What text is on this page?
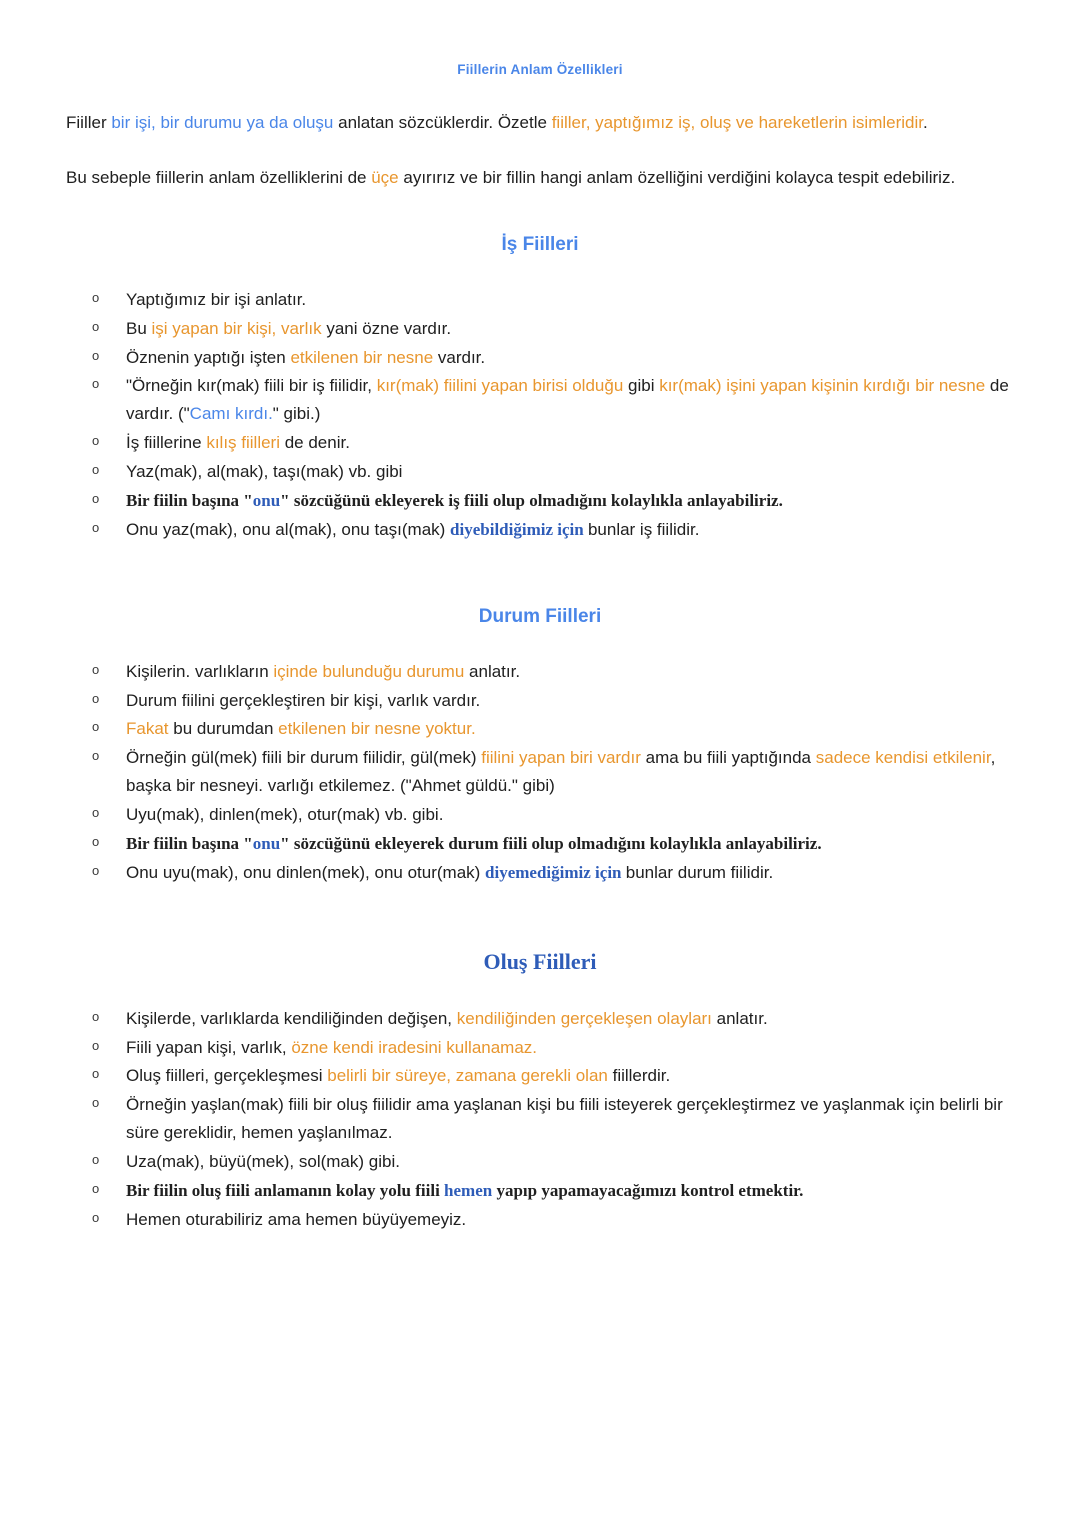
Fiillerin Anlam Özellikleri

Fiiller bir işi, bir durumu ya da oluşu anlatan sözcüklerdir. Özetle fiiller, yaptığımız iş, oluş ve hareketlerin isimleridir.

Bu sebeple fiillerin anlam özelliklerini de üçe ayırırız ve bir fillin hangi anlam özelliğini verdiğini kolayca tespit edebiliriz.

İş Fiilleri
o Yaptığımız bir işi anlatır.
o Bu işi yapan bir kişi, varlık yani özne vardır.
o Öznenin yaptığı işten etkilenen bir nesne vardır.
o "Örneğin kır(mak) fiili bir iş fiilidir, kır(mak) fiilini yapan birisi olduğu gibi kır(mak) işini yapan kişinin kırdığı bir nesne de vardır. ("Camı kırdı." gibi.)
o İş fiillerine kılış fiilleri de denir.
o Yaz(mak), al(mak), taşı(mak) vb. gibi
o Bir fiilin başına "onu" sözcüğünü ekleyerek iş fiili olup olmadığını kolaylıkla anlayabiliriz.
o Onu yaz(mak), onu al(mak), onu taşı(mak) diyebildiğimiz için bunlar iş fiilidir.
Durum Fiilleri
o Kişilerin. varlıkların içinde bulunduğu durumu anlatır.
o Durum fiilini gerçekleştiren bir kişi, varlık vardır.
o Fakat bu durumdan etkilenen bir nesne yoktur.
o Örneğin gül(mek) fiili bir durum fiilidir, gül(mek) fiilini yapan biri vardır ama bu fiili yaptığında sadece kendisi etkilenir, başka bir nesneyi. varlığı etkilemez. ("Ahmet güldü." gibi)
o Uyu(mak), dinlen(mek), otur(mak) vb. gibi.
o Bir fiilin başına "onu" sözcüğünü ekleyerek durum fiili olup olmadığını kolaylıkla anlayabiliriz.
o Onu uyu(mak), onu dinlen(mek), onu otur(mak) diyemediğimiz için bunlar durum fiilidir.
Oluş Fiilleri
o Kişilerde, varlıklarda kendiliğinden değişen, kendiliğinden gerçekleşen olayları anlatır.
o Fiili yapan kişi, varlık, özne kendi iradesini kullanamaz.
o Oluş fiilleri, gerçekleşmesi belirli bir süreye, zamana gerekli olan fiillerdir.
o Örneğin yaşlan(mak) fiili bir oluş fiilidir ama yaşlanan kişi bu fiili isteyerek gerçekleştirmez ve yaşlanmak için belirli bir süre gereklidir, hemen yaşlanılmaz.
o Uza(mak), büyü(mek), sol(mak) gibi.
o Bir fiilin oluş fiili anlamanın kolay yolu fiili hemen yapıp yapamayacağımızı kontrol etmektir.
o Hemen oturabiliriz ama hemen büyüyemeyiz.
